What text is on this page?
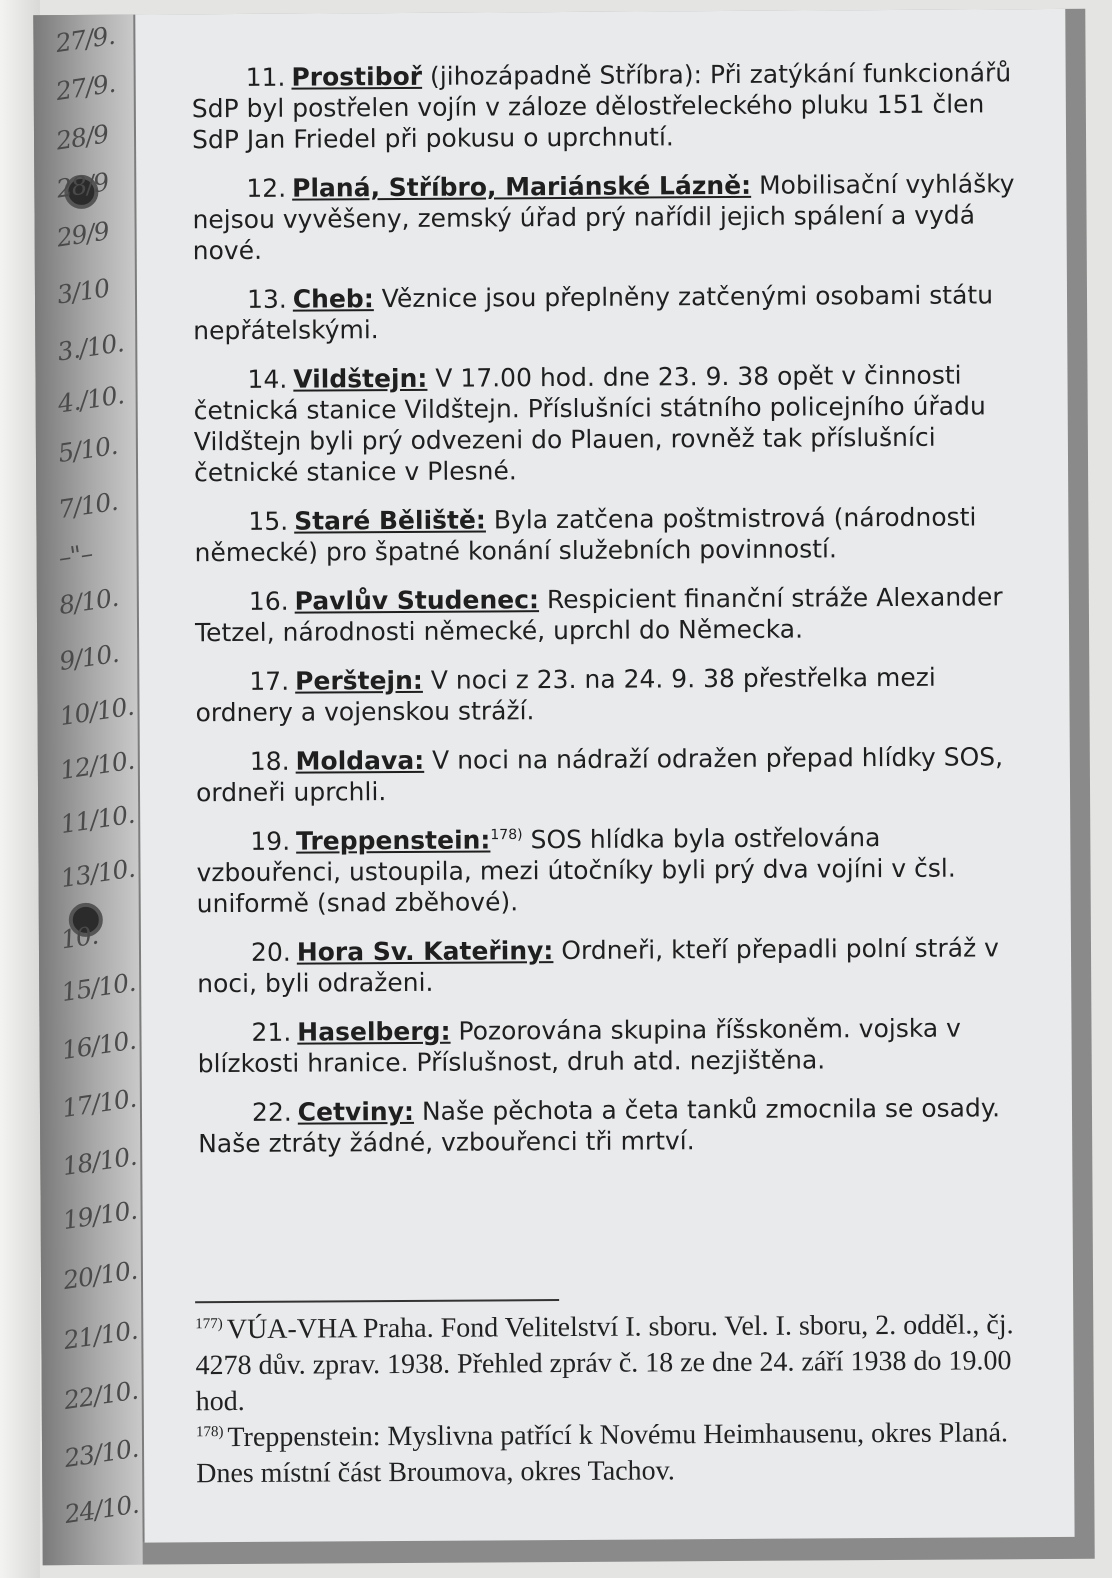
27/9.
27/9.
28/9
28/9
29/9
3/10
3./10.
4./10.
5/10.
7/10.
–"–
8/10.
9/10.
10/10.
12/10.
11/10.
13/10.
10.
15/10.
16/10.
17/10.
18/10.
19/10.
20/10.
21/10.
22/10.
23/10.
24/10.

11. Prostiboř (jihozápadně Stříbra): Při zatýkání funkcionářů SdP byl postřelen vojín v záloze dělostřeleckého pluku 151 člen SdP Jan Friedel při pokusu o uprchnutí.

12. Planá, Stříbro, Mariánské Lázně: Mobilisační vyhlášky nejsou vyvěšeny, zemský úřad prý nařídil jejich spálení a vydá nové.

13. Cheb: Věznice jsou přeplněny zatčenými osobami státu nepřátelskými.

14. Vildštejn: V 17.00 hod. dne 23. 9. 38 opět v činnosti četnická stanice Vildštejn. Příslušníci státního policejního úřadu Vildštejn byli prý odvezeni do Plauen, rovněž tak příslušníci četnické stanice v Plesné.

15. Staré Běliště: Byla zatčena poštmistrová (národnosti německé) pro špatné konání služebních povinností.

16. Pavlův Studenec: Respicient finanční stráže Alexander Tetzel, národnosti německé, uprchl do Německa.

17. Perštejn: V noci z 23. na 24. 9. 38 přestřelka mezi ordnery a vojenskou stráží.

18. Moldava: V noci na nádraží odražen přepad hlídky SOS, ordneři uprchli.

19. Treppenstein:$^{178)}$ SOS hlídka byla ostřelována vzbouřenci, ustoupila, mezi útočníky byli prý dva vojíni v čsl. uniformě (snad zběhové).

20. Hora Sv. Kateřiny: Ordneři, kteří přepadli polní stráž v noci, byli odraženi.

21. Haselberg: Pozorována skupina říšskoněm. vojska v blízkosti hranice. Příslušnost, druh atd. nezjištěna.

22. Cetviny: Naše pěchota a četa tanků zmocnila se osady. Naše ztráty žádné, vzbouřenci tři mrtví.

$^{177)}$ VÚA-VHA Praha. Fond Velitelství I. sboru. Vel. I. sboru, 2. odděl., čj. 4278 dův. zprav. 1938. Přehled zpráv č. 18 ze dne 24. září 1938 do 19.00 hod.

$^{178)}$ Treppenstein: Myslivna patřící k Novému Heimhausenu, okres Planá. Dnes místní část Broumova, okres Tachov.
